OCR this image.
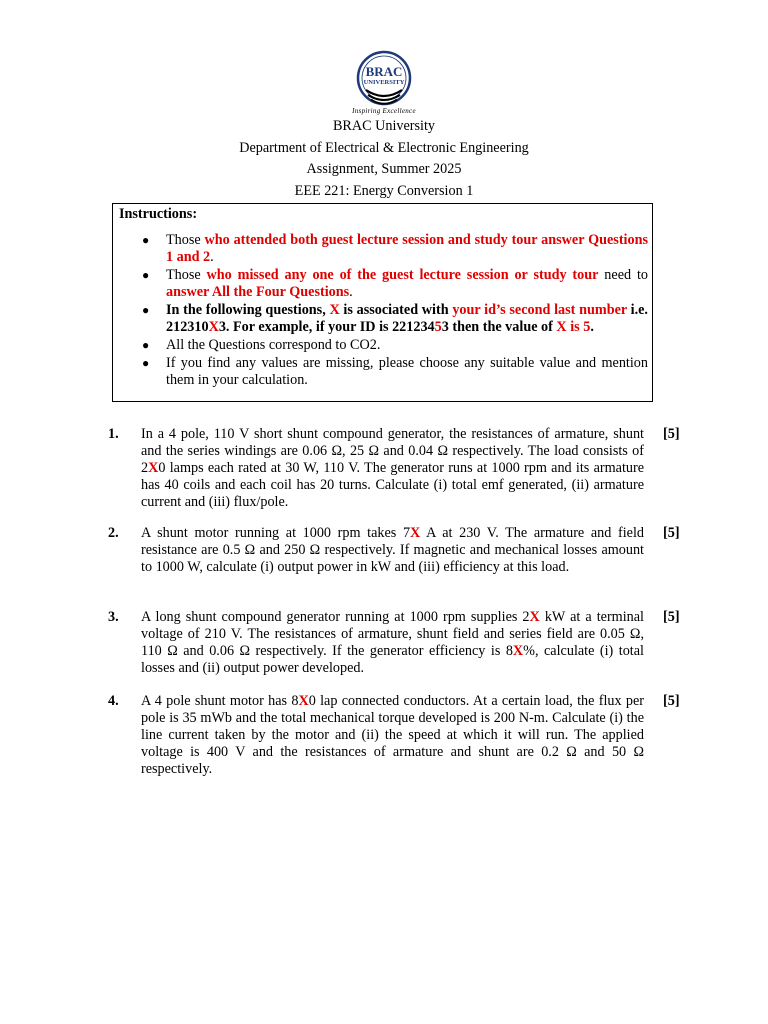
BRAC
UNIVERSITY
Inspiring Excellence
BRAC University
Department of Electrical & Electronic Engineering
Assignment, Summer 2025
EEE 221: Energy Conversion 1
Instructions:
● Those who attended both guest lecture session and study tour answer Questions 1 and 2.
● Those who missed any one of the guest lecture session or study tour need to answer All the Four Questions.
● In the following questions, X is associated with your id’s second last number i.e. 212310X3. For example, if your ID is 22123453 then the value of X is 5.
● All the Questions correspond to CO2.
● If you find any values are missing, please choose any suitable value and mention them in your calculation.
1. In a 4 pole, 110 V short shunt compound generator, the resistances of armature, shunt and the series windings are 0.06 Ω, 25 Ω and 0.04 Ω respectively. The load consists of 2X0 lamps each rated at 30 W, 110 V. The generator runs at 1000 rpm and its armature has 40 coils and each coil has 20 turns. Calculate (i) total emf generated, (ii) armature current and (iii) flux/pole.
[5]
2. A shunt motor running at 1000 rpm takes 7X A at 230 V. The armature and field resistance are 0.5 Ω and 250 Ω respectively. If magnetic and mechanical losses amount to 1000 W, calculate (i) output power in kW and (iii) efficiency at this load.
[5]
3. A long shunt compound generator running at 1000 rpm supplies 2X kW at a terminal voltage of 210 V. The resistances of armature, shunt field and series field are 0.05 Ω, 110 Ω and 0.06 Ω respectively. If the generator efficiency is 8X%, calculate (i) total losses and (ii) output power developed.
[5]
4. A 4 pole shunt motor has 8X0 lap connected conductors. At a certain load, the flux per pole is 35 mWb and the total mechanical torque developed is 200 N-m. Calculate (i) the line current taken by the motor and (ii) the speed at which it will run. The applied voltage is 400 V and the resistances of armature and shunt are 0.2 Ω and 50 Ω respectively.
[5]
